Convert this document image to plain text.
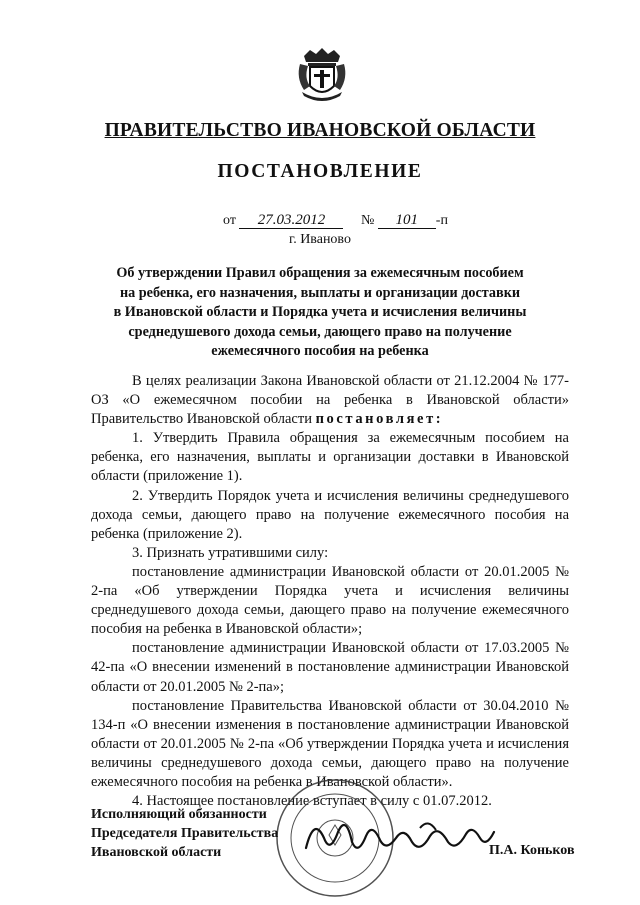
ПРАВИТЕЛЬСТВО ИВАНОВСКОЙ ОБЛАСТИ
ПОСТАНОВЛЕНИЕ
от 27.03.2012	№ 101 -п
г. Иваново
Об утверждении Правил обращения за ежемесячным пособием
на ребенка, его назначения, выплаты и организации доставки
в Ивановской области и Порядка учета и исчисления величины
среднедушевого дохода семьи, дающего право на получение
ежемесячного пособия на ребенка

В целях реализации Закона Ивановской области от 21.12.2004 № 177-ОЗ «О ежемесячном пособии на ребенка в Ивановской области» Правительство Ивановской области постановляет:

1. Утвердить Правила обращения за ежемесячным пособием на ребенка, его назначения, выплаты и организации доставки в Ивановской области (приложение 1).

2. Утвердить Порядок учета и исчисления величины среднедушевого дохода семьи, дающего право на получение ежемесячного пособия на ребенка (приложение 2).

3. Признать утратившими силу:

постановление администрации Ивановской области от 20.01.2005 № 2-па «Об утверждении Порядка учета и исчисления величины среднедушевого дохода семьи, дающего право на получение ежемесячного пособия на ребенка в Ивановской области»;

постановление администрации Ивановской области от 17.03.2005 № 42-па «О внесении изменений в постановление администрации Ивановской области от 20.01.2005 № 2-па»;

постановление Правительства Ивановской области от 30.04.2010 № 134-п «О внесении изменения в постановление администрации Ивановской области от 20.01.2005 № 2-па «Об утверждении Порядка учета и исчисления величины среднедушевого дохода семьи, дающего право на получение ежемесячного пособия на ребенка в Ивановской области».

4. Настоящее постановление вступает в силу с 01.07.2012.

Исполняющий обязанности
Председателя Правительства
Ивановской области	П.А. Коньков
